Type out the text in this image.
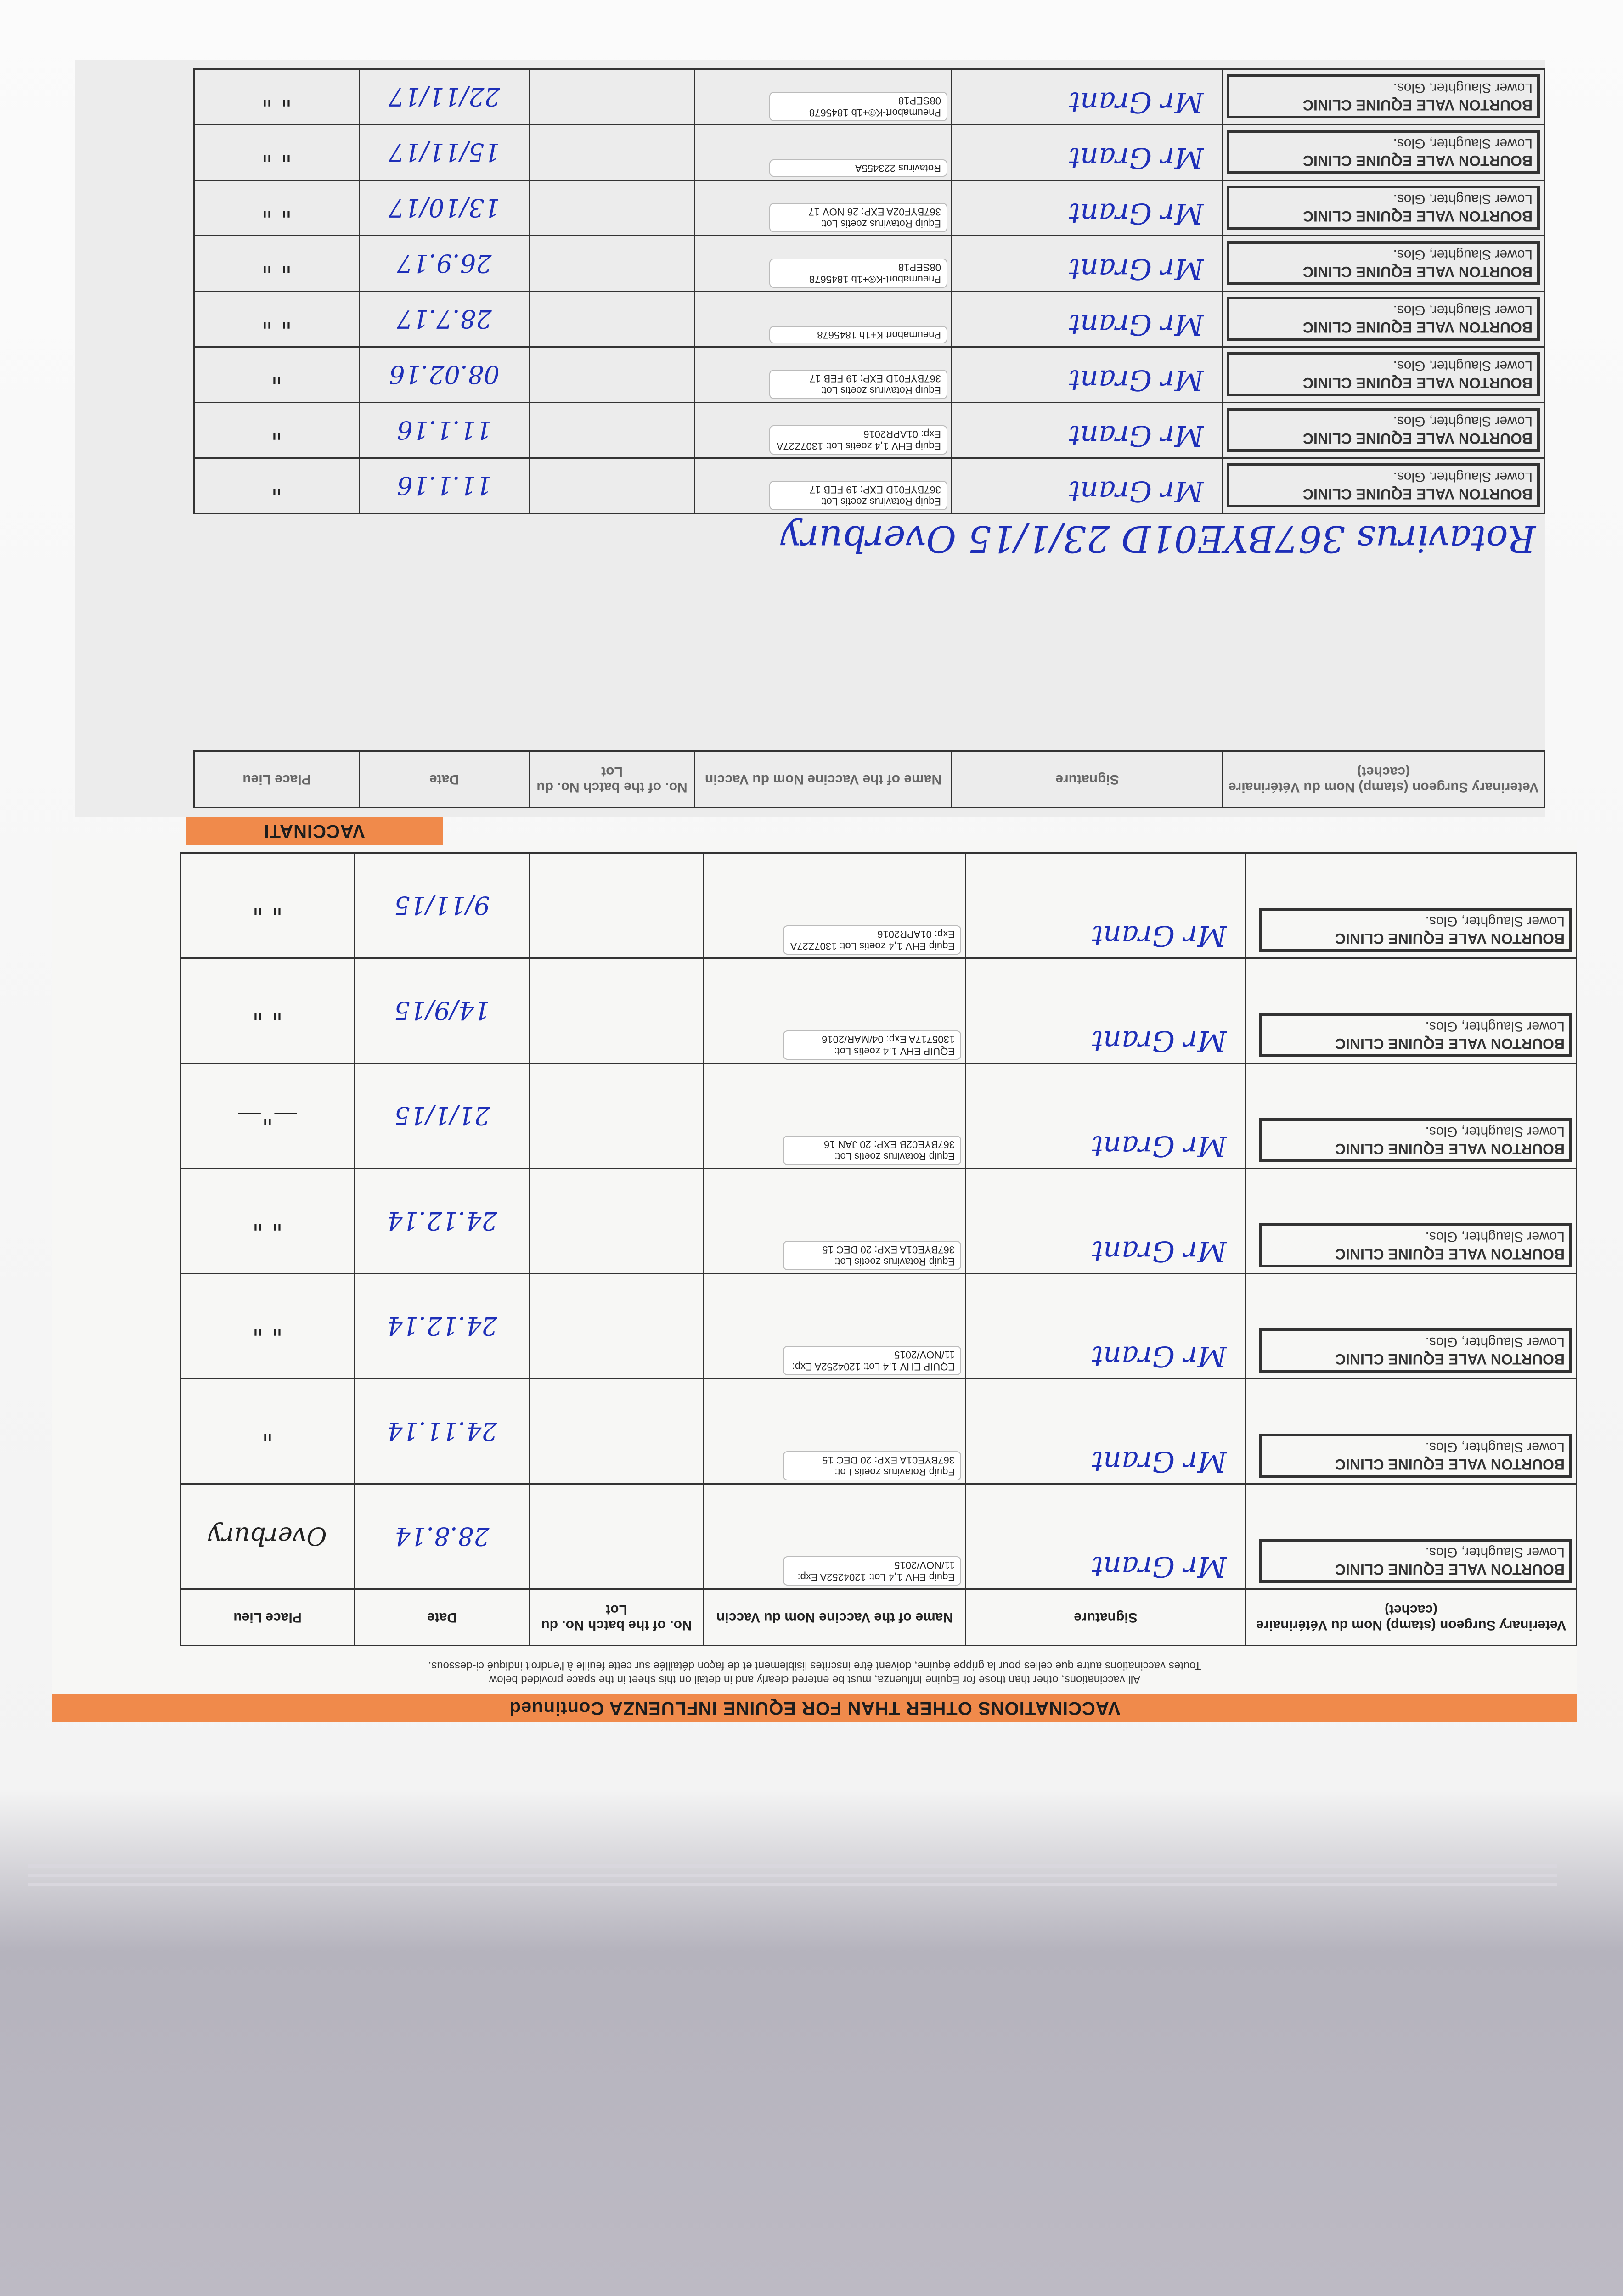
VACCINATIONS OTHER THAN FOR EQUINE INFLUENZA Continued
All vaccinations, other than those for Equine Influenza, must be entered clearly and in detail on this sheet in the space provided below
Toutes vaccinations autre que celles pour la grippe équine, doivent être inscrites lisiblement et de façon détaillée sur cette feuille à l'endroit indiqué ci-dessous.
Veterinary Surgeon (stamp) Nom du Vétérinaire (cachet)	Signature	Name of the Vaccine Nom du Vaccin	No. of the batch No. du Lot	Date	Place Lieu

BOURTON VALE EQUINE CLINIC
Lower Slaughter, Glos.	Mr Grant	Equip EHV 1,4 Lot: 1204252A Exp: 11/NOV/2015		28.8.14	Overbury

BOURTON VALE EQUINE CLINIC
Lower Slaughter, Glos.	Mr Grant	Equip Rotavirus zoetis Lot: 367BYE01A EXP: 20 DEC 15		24.11.14	"

BOURTON VALE EQUINE CLINIC
Lower Slaughter, Glos.	Mr Grant	EQUIP EHV 1,4 Lot: 1204252A Exp: 11/NOV/2015		24.12.14	" "

BOURTON VALE EQUINE CLINIC
Lower Slaughter, Glos.	Mr Grant	Equip Rotavirus zoetis Lot: 367BYE01A EXP: 20 DEC 15		24.12.14	" "

BOURTON VALE EQUINE CLINIC
Lower Slaughter, Glos.	Mr Grant	Equip Rotavirus zoetis Lot: 367BYE02B EXP: 20 JAN 16		21/1/15	—"—

BOURTON VALE EQUINE CLINIC
Lower Slaughter, Glos.	Mr Grant	EQUIP EHV 1,4 zoetis Lot: 1305717A Exp: 04/MAR/2016		14/9/15	" "

BOURTON VALE EQUINE CLINIC
Lower Slaughter, Glos.	Mr Grant	Equip EHV 1,4 zoetis Lot: 1307Z27A Exp: 01APR2016		9/11/15	" "
VACCINATI
Veterinary Surgeon (stamp) Nom du Vétérinaire (cachet)	Signature	Name of the Vaccine Nom du Vaccin	No. of the batch No. du Lot	Date	Place Lieu
Rotavirus 367BYE01D 23/1/15 Overbury
BOURTON VALE EQUINE CLINIC
Lower Slaughter, Glos.	Mr Grant	Equip Rotavirus zoetis Lot: 367BYF01D EXP: 19 FEB 17		11.1.16	"

BOURTON VALE EQUINE CLINIC
Lower Slaughter, Glos.	Mr Grant	Equip EHV 1,4 zoetis Lot: 1307Z27A Exp: 01APR2016		11.1.16	"

BOURTON VALE EQUINE CLINIC
Lower Slaughter, Glos.	Mr Grant	Equip Rotavirus zoetis Lot: 367BYF01D EXP: 19 FEB 17		08.02.16	"

BOURTON VALE EQUINE CLINIC
Lower Slaughter, Glos.	Mr Grant	Pneumabort K+1b 1845678		28.7.17	" "

BOURTON VALE EQUINE CLINIC
Lower Slaughter, Glos.	Mr Grant	Pneumabort-K®+1b 1845678 08SEP18		26.9.17	" "

BOURTON VALE EQUINE CLINIC
Lower Slaughter, Glos.	Mr Grant	Equip Rotavirus zoetis Lot: 367BYF02A EXP: 26 NOV 17		13/10/17	" "

BOURTON VALE EQUINE CLINIC
Lower Slaughter, Glos.	Mr Grant	Rotavirus 223455A		15/11/17	" "

BOURTON VALE EQUINE CLINIC
Lower Slaughter, Glos.	Mr Grant	Pneumabort-K®+1b 1845678 08SEP18		22/11/17	" "
